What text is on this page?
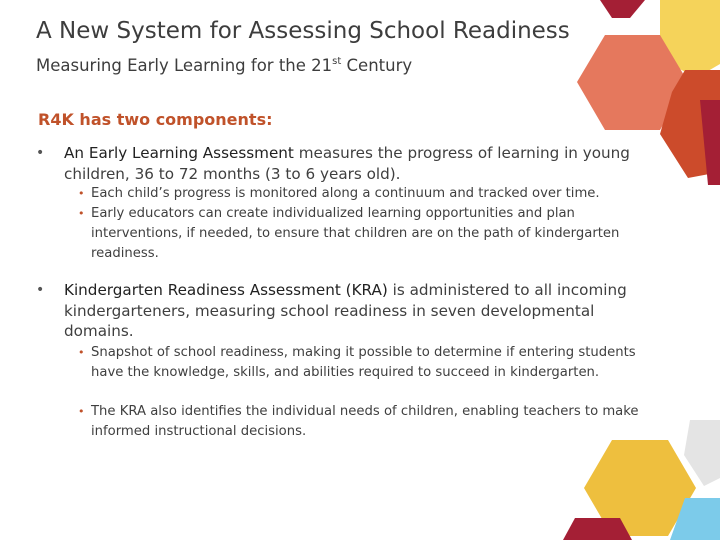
A New System for Assessing School Readiness
Measuring Early Learning for the 21st Century
R4K has two components:
• An Early Learning Assessment measures the progress of learning in young children, 36 to 72 months (3 to 6 years old).
• Each child’s progress is monitored along a continuum and tracked over time.
• Early educators can create individualized learning opportunities and plan interventions, if needed, to ensure that children are on the path of kindergarten readiness.
• Kindergarten Readiness Assessment (KRA) is administered to all incoming kindergarteners, measuring school readiness in seven developmental domains.
• Snapshot of school readiness, making it possible to determine if entering students have the knowledge, skills, and abilities required to succeed in kindergarten.
• The KRA also identifies the individual needs of children, enabling teachers to make informed instructional decisions.
